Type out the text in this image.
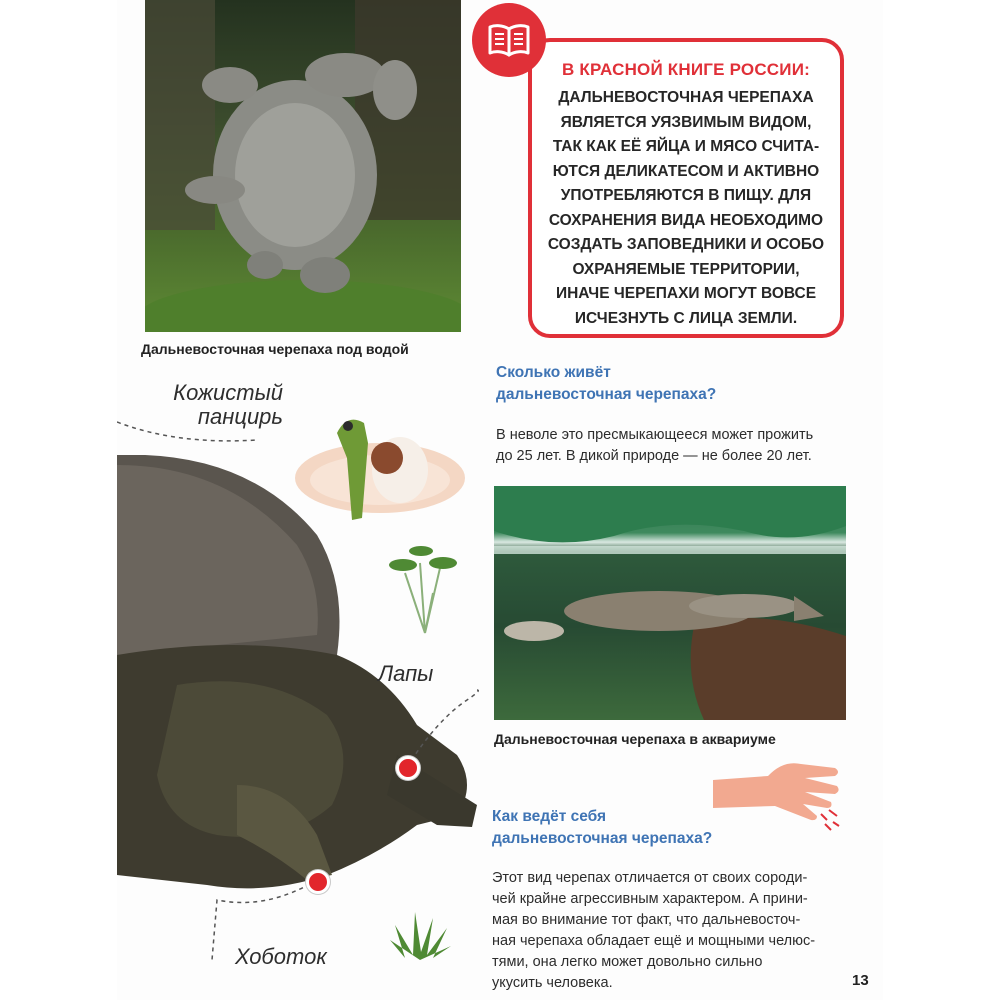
Дальневосточная черепаха под водой
В КРАСНОЙ КНИГЕ РОССИИ:
ДАЛЬНЕВОСТОЧНАЯ ЧЕРЕПАХА
ЯВЛЯЕТСЯ УЯЗВИМЫМ ВИДОМ,
ТАК КАК ЕЁ ЯЙЦА И МЯСО СЧИТА-
ЮТСЯ ДЕЛИКАТЕСОМ И АКТИВНО
УПОТРЕБЛЯЮТСЯ В ПИЩУ. ДЛЯ
СОХРАНЕНИЯ ВИДА НЕОБХОДИМО
СОЗДАТЬ ЗАПОВЕДНИКИ И ОСОБО
ОХРАНЯЕМЫЕ ТЕРРИТОРИИ,
ИНАЧЕ ЧЕРЕПАХИ МОГУТ ВОВСЕ
ИСЧЕЗНУТЬ С ЛИЦА ЗЕМЛИ.
Сколько живёт
дальневосточная черепаха?
В неволе это пресмыкающееся может прожить
до 25 лет. В дикой природе — не более 20 лет.
Дальневосточная черепаха в аквариуме
Как ведёт себя
дальневосточная черепаха?
Этот вид черепах отличается от своих сороди-
чей крайне агрессивным характером. А прини-
мая во внимание тот факт, что дальневосточ-
ная черепаха обладает ещё и мощными челюс-
тями, она легко может довольно сильно
укусить человека.
Кожистый
панцирь
Лапы
Хоботок
13
